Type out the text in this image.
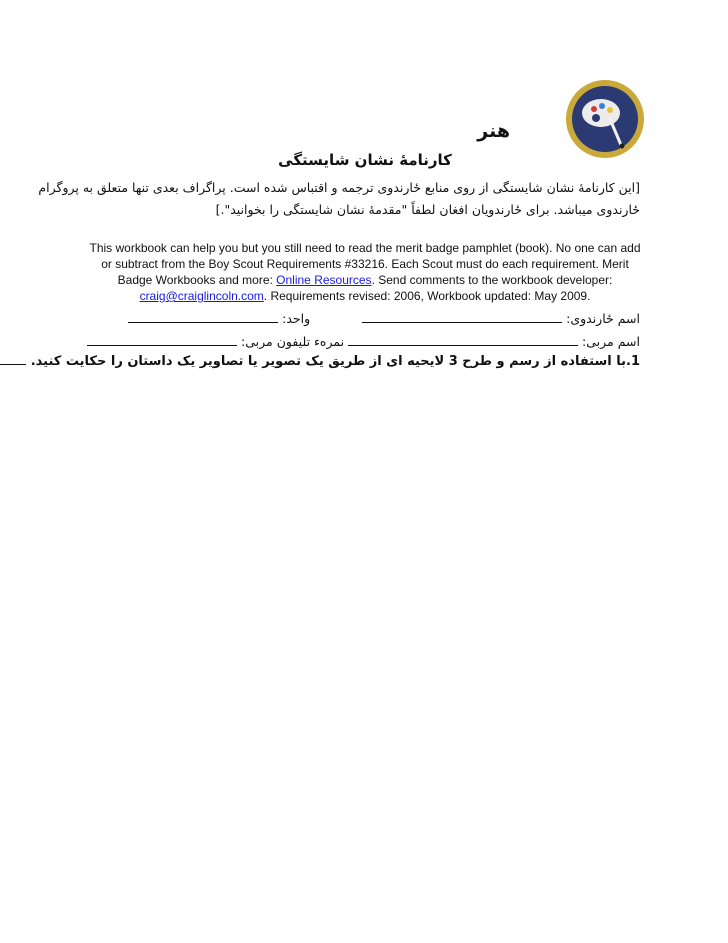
هنر
کارنامۀ نشان شایستگی
[این کارنامۀ نشان شایستگی از روی منابع ځارندوی ترجمه و اقتباس شده است. پراگراف بعدی تنها متعلق به پروگرام
ځارندوی میباشد. برای ځارندویان افغان لطفاً "مقدمۀ نشان شایستگی را بخوانید".]
This workbook can help you but you still need to read the merit badge pamphlet (book). No one can add or subtract from the Boy Scout Requirements #33216. Each Scout must do each requirement. Merit Badge Workbooks and more: Online Resources. Send comments to the workbook developer: craig@craiglincoln.com. Requirements revised: 2006, Workbook updated: May 2009.
اسم ځارندوی:   واحد:
اسم مربی:  نمرهء تلیفون مربی:
1.با استفاده از رسم و طرح 3 لایحیه ای از طریق یک تصویر یا تصاویر یک داستان را حکایت کنید.
